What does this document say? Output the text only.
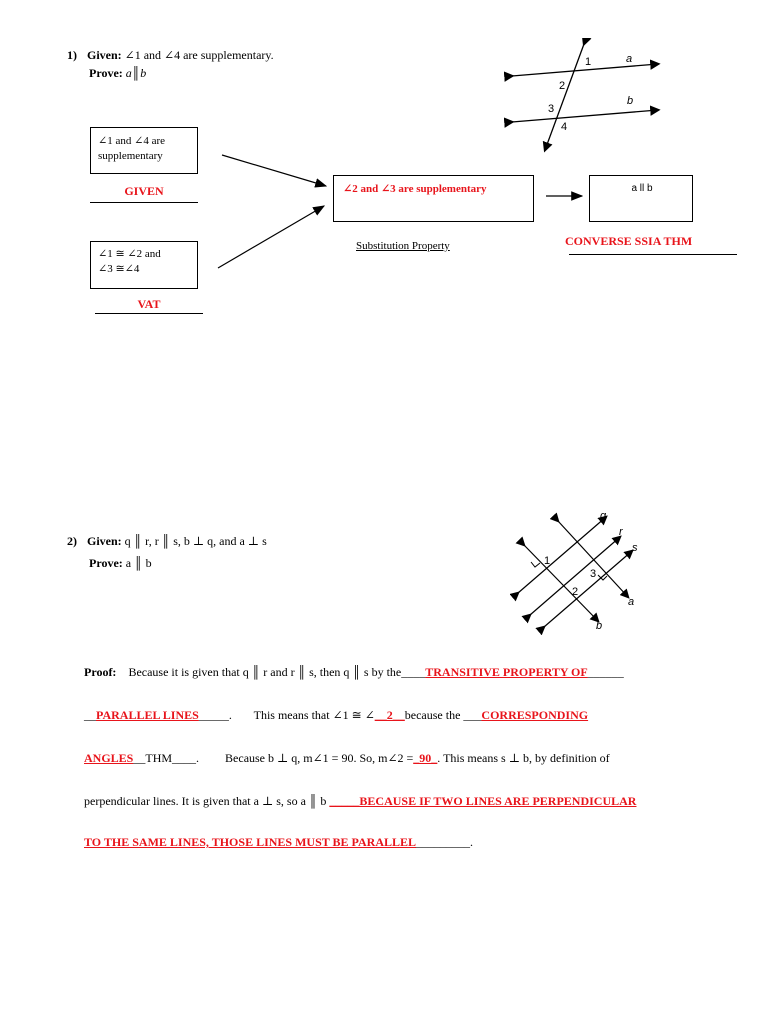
1) Given: ∠1 and ∠4 are supplementary.
Prove: a║b
1
2
3
4
a
b
∠1 and ∠4 are
supplementary
GIVEN
∠1 ≅ ∠2 and
∠3 ≅∠4
VAT
∠2 and ∠3 are supplementary
Substitution Property
a ll b
CONVERSE SSIA THM
2) Given: q ║ r, r ║ s, b ⊥ q, and a ⊥ s
Prove: a ║ b
q
r
s
a
b
1
2
3
Proof: Because it is given that q ║ r and r ║ s, then q ║ s by the____TRANSITIVE PROPERTY OF______
__PARALLEL LINES_____. This means that ∠1 ≅ ∠__2__because the ___CORRESPONDING
ANGLES__THM____. Because b ⊥ q, m∠1 = 90. So, m∠2 =_90_. This means s ⊥ b, by definition of
perpendicular lines. It is given that a ⊥ s, so a ║ b _____BECAUSE IF TWO LINES ARE PERPENDICULAR
TO THE SAME LINES, THOSE LINES MUST BE PARALLEL_________.
